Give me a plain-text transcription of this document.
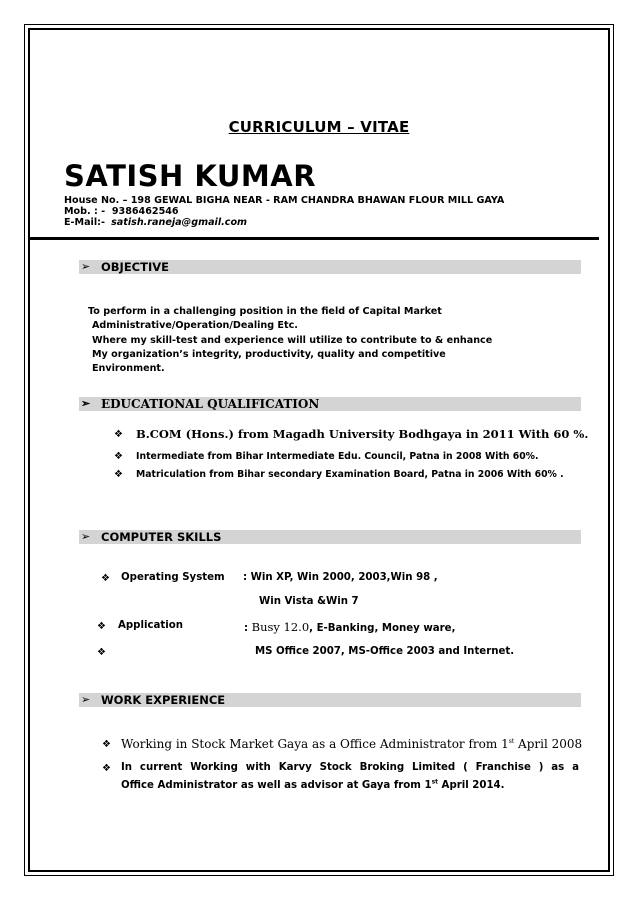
CURRICULUM – VITAE
SATISH KUMAR
House No. – 198 GEWAL BIGHA NEAR - RAM CHANDRA BHAWAN FLOUR MILL GAYA
Mob. : - 9386462546
E-Mail:- satish.raneja@gmail.com
➢ OBJECTIVE
To perform in a challenging position in the field of Capital Market
Administrative/Operation/Dealing Etc.
Where my skill-test and experience will utilize to contribute to & enhance
My organization’s integrity, productivity, quality and competitive
Environment.
➢ EDUCATIONAL QUALIFICATION
❖ B.COM (Hons.) from Magadh University Bodhgaya in 2011 With 60 %.
❖ Intermediate from Bihar Intermediate Edu. Council, Patna in 2008 With 60%.
❖ Matriculation from Bihar secondary Examination Board, Patna in 2006 With 60% .
➢ COMPUTER SKILLS
❖ Operating System : Win XP, Win 2000, 2003,Win 98 ,
Win Vista &Win 7
❖ Application	: Busy 12.0, E-Banking, Money ware,
❖	MS Office 2007, MS-Office 2003 and Internet.
➢ WORK EXPERIENCE
❖ Working in Stock Market Gaya as a Office Administrator from 1st April 2008
❖ In current Working with Karvy Stock Broking Limited ( Franchise ) as a
Office Administrator as well as advisor at Gaya from 1st April 2014.
